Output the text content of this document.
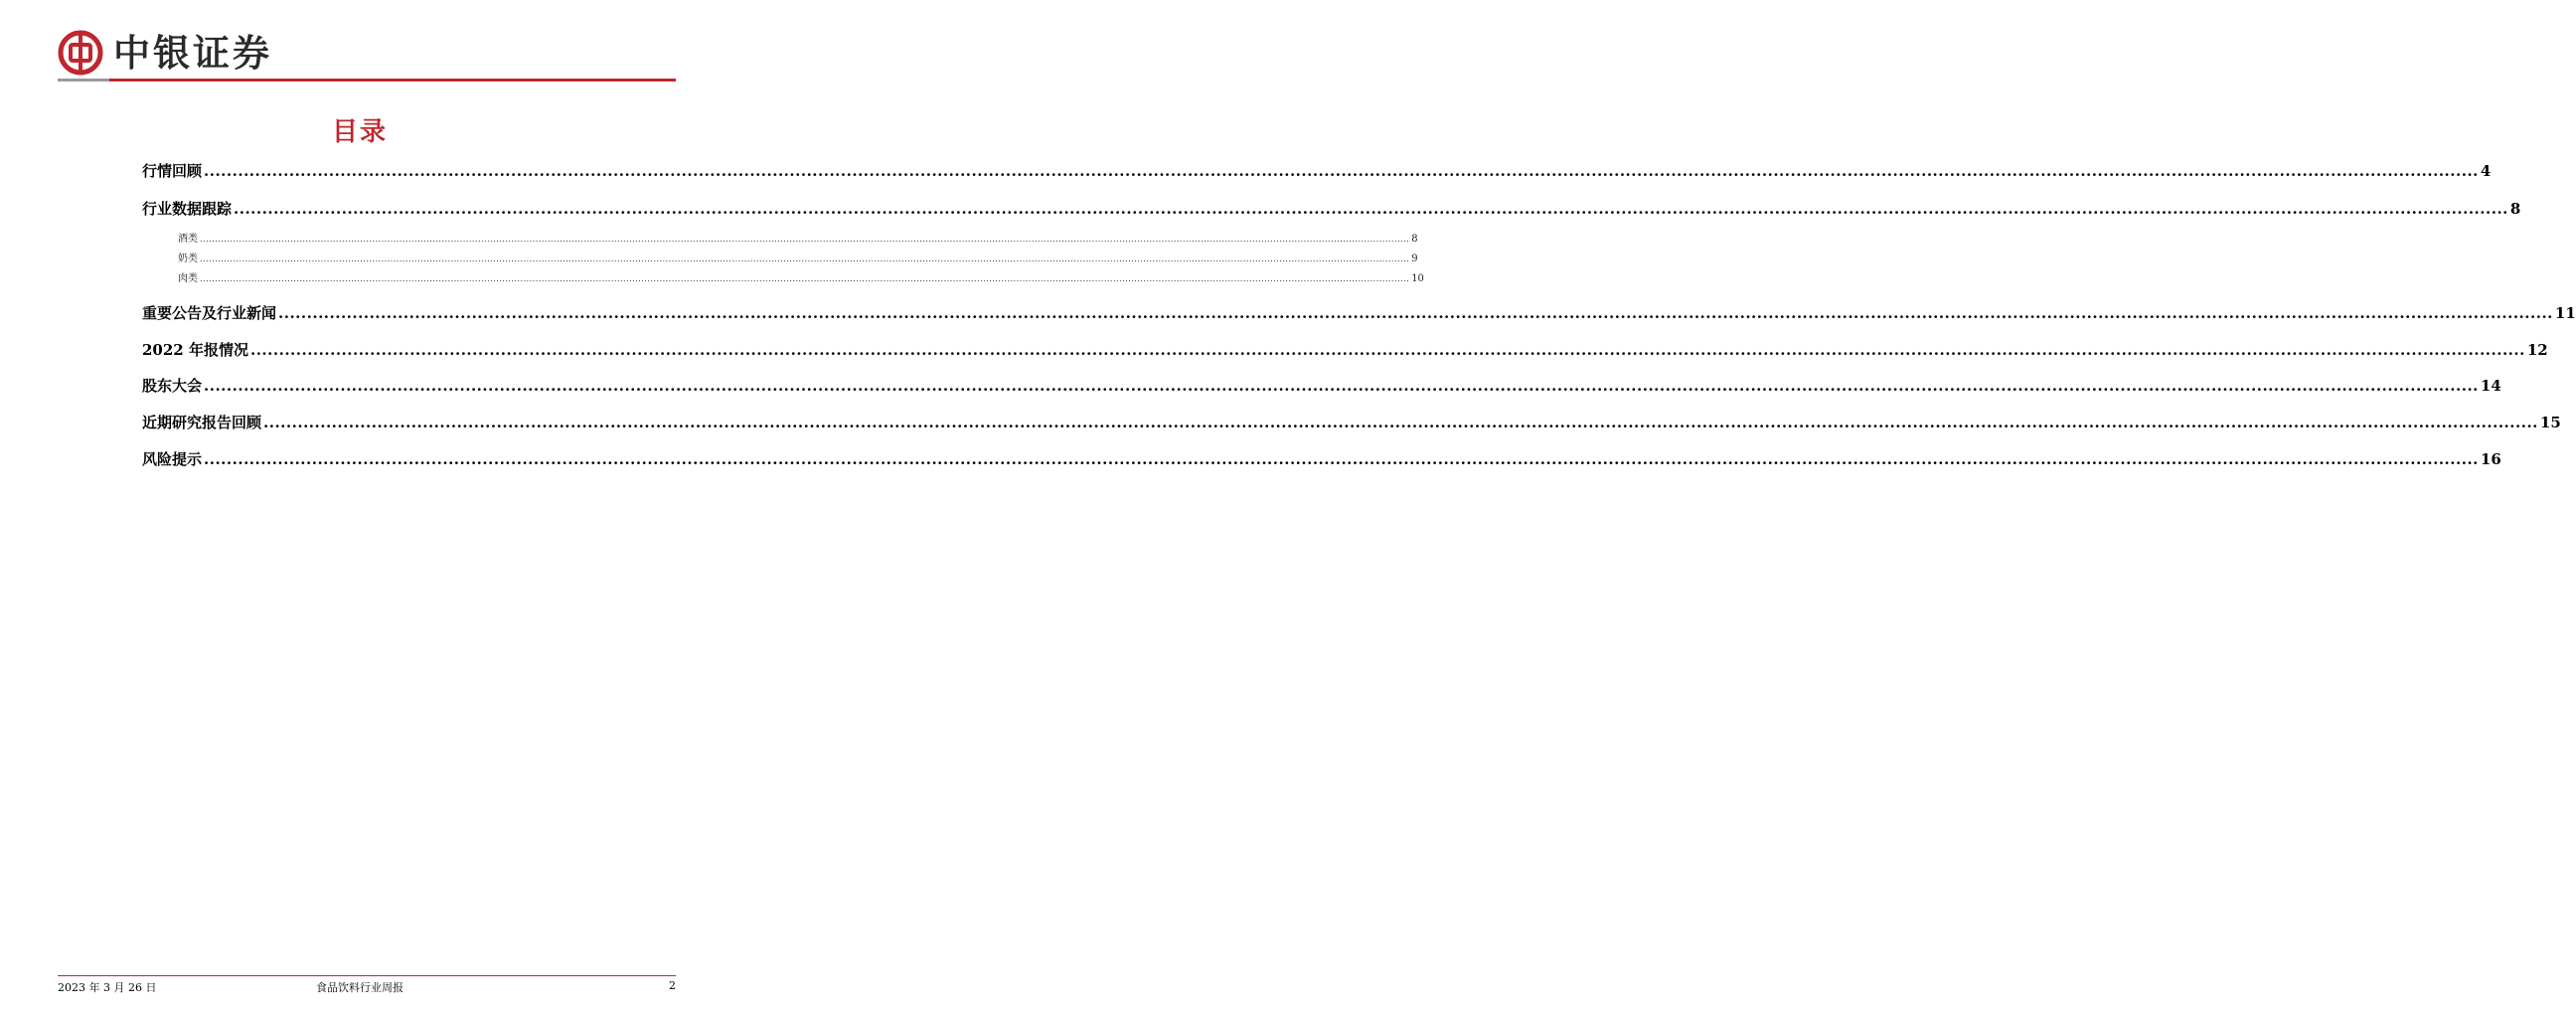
中银证券
目录
行情回顾 ................................................................................................................................................................................................................................................................................................................................................................................................................ 4
行业数据跟踪 ................................................................................................................................................................................................................................................................................................................................................................................................................ 8
酒类 ................................................................................................................................................................................................................................................................................................................................................................................................................ 8
奶类 ................................................................................................................................................................................................................................................................................................................................................................................................................ 9
肉类 ................................................................................................................................................................................................................................................................................................................................................................................................................ 10
重要公告及行业新闻 ................................................................................................................................................................................................................................................................................................................................................................................................................ 11
2022 年报情况 ................................................................................................................................................................................................................................................................................................................................................................................................................ 12
股东大会 ................................................................................................................................................................................................................................................................................................................................................................................................................ 14
近期研究报告回顾 ................................................................................................................................................................................................................................................................................................................................................................................................................ 15
风险提示 ................................................................................................................................................................................................................................................................................................................................................................................................................ 16
2023 年 3 月 26 日	食品饮料行业周报	2
